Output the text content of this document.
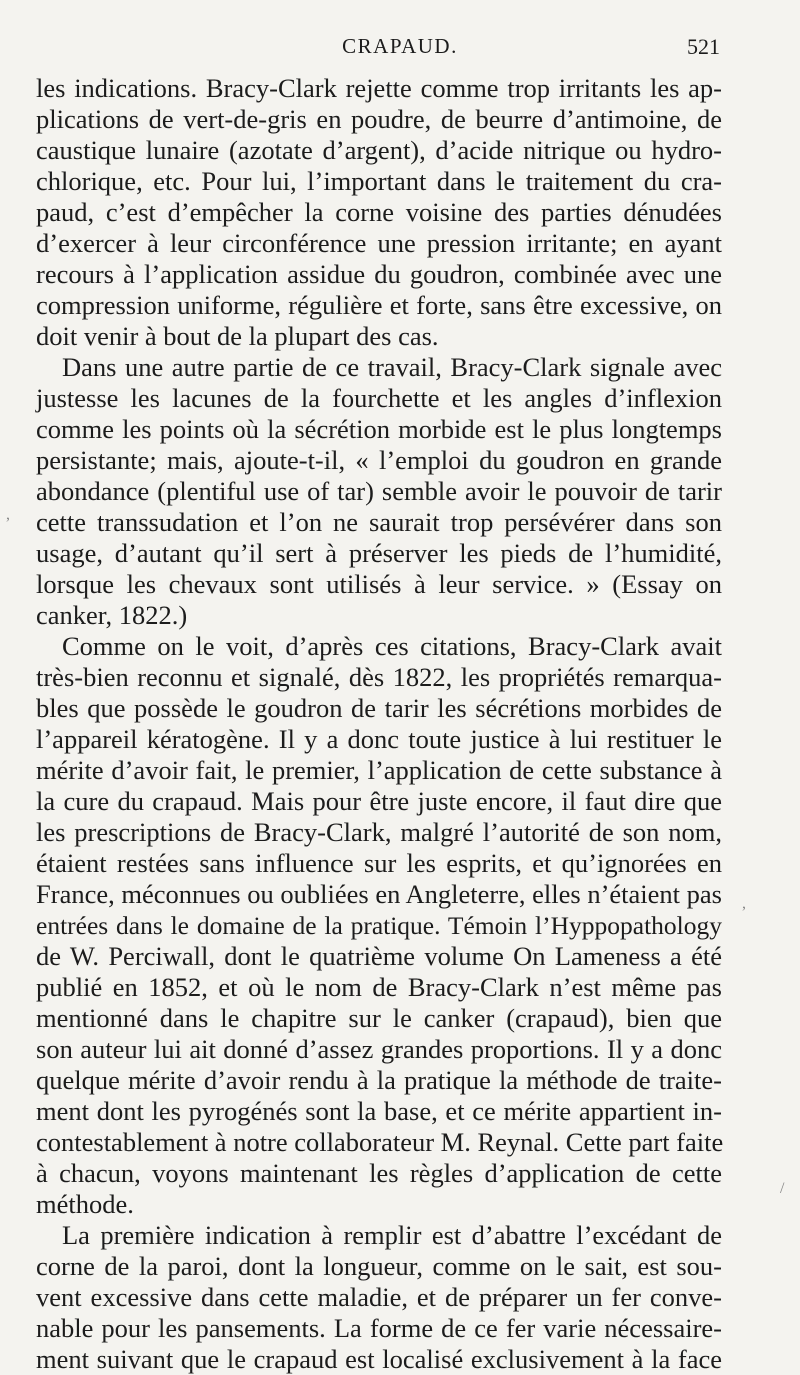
CRAPAUD.	521
les indications. Bracy-Clark rejette comme trop irritants les ap-
plications de vert-de-gris en poudre, de beurre d’antimoine, de
caustique lunaire (azotate d’argent), d’acide nitrique ou hydro-
chlorique, etc. Pour lui, l’important dans le traitement du cra-
paud, c’est d’empêcher la corne voisine des parties dénudées
d’exercer à leur circonférence une pression irritante; en ayant
recours à l’application assidue du goudron, combinée avec une
compression uniforme, régulière et forte, sans être excessive, on
doit venir à bout de la plupart des cas.
Dans une autre partie de ce travail, Bracy-Clark signale avec
justesse les lacunes de la fourchette et les angles d’inflexion
comme les points où la sécrétion morbide est le plus longtemps
persistante; mais, ajoute-t-il, « l’emploi du goudron en grande
abondance (plentiful use of tar) semble avoir le pouvoir de tarir
cette transsudation et l’on ne saurait trop persévérer dans son
usage, d’autant qu’il sert à préserver les pieds de l’humidité,
lorsque les chevaux sont utilisés à leur service. » (Essay on
canker, 1822.)
Comme on le voit, d’après ces citations, Bracy-Clark avait
très-bien reconnu et signalé, dès 1822, les propriétés remarqua-
bles que possède le goudron de tarir les sécrétions morbides de
l’appareil kératogène. Il y a donc toute justice à lui restituer le
mérite d’avoir fait, le premier, l’application de cette substance à
la cure du crapaud. Mais pour être juste encore, il faut dire que
les prescriptions de Bracy-Clark, malgré l’autorité de son nom,
étaient restées sans influence sur les esprits, et qu’ignorées en
France, méconnues ou oubliées en Angleterre, elles n’étaient pas
entrées dans le domaine de la pratique. Témoin l’Hyppopathology
de W. Perciwall, dont le quatrième volume On Lameness a été
publié en 1852, et où le nom de Bracy-Clark n’est même pas
mentionné dans le chapitre sur le canker (crapaud), bien que
son auteur lui ait donné d’assez grandes proportions. Il y a donc
quelque mérite d’avoir rendu à la pratique la méthode de traite-
ment dont les pyrogénés sont la base, et ce mérite appartient in-
contestablement à notre collaborateur M. Reynal. Cette part faite
à chacun, voyons maintenant les règles d’application de cette
méthode.
La première indication à remplir est d’abattre l’excédant de
corne de la paroi, dont la longueur, comme on le sait, est sou-
vent excessive dans cette maladie, et de préparer un fer conve-
nable pour les pansements. La forme de ce fer varie nécessaire-
ment suivant que le crapaud est localisé exclusivement à la face
,
,
/
